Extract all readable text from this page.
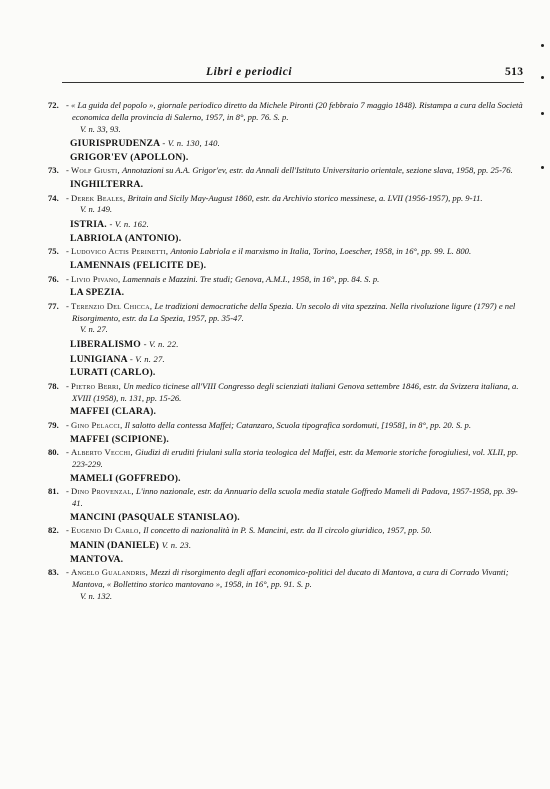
Libri e periodici	513
72. - « La guida del popolo », giornale periodico diretto da Michele Pironti (20 febbraio 7 maggio 1848). Ristampa a cura della Società economica della provincia di Salerno, 1957, in 8°, pp. 76. S. p.
V. n. 33, 93.
GIURISPRUDENZA - V. n. 130, 140.
GRIGOR'EV (APOLLON).
73. - Wolf Giusti, Annotazioni su A.A. Grigor'ev, estr. da Annali dell'Istituto Universitario orientale, sezione slava, 1958, pp. 25-76.
INGHILTERRA.
74. - Derek Beales, Britain and Sicily May-August 1860, estr. da Archivio storico messinese, a. LVII (1956-1957), pp. 9-11.
V. n. 149.
ISTRIA. - V. n. 162.
LABRIOLA (ANTONIO).
75. - Ludovico Actis Perinetti, Antonio Labriola e il marxismo in Italia, Torino, Loescher, 1958, in 16°, pp. 99. L. 800.
LAMENNAIS (FELICITE DE).
76. - Livio Pivano, Lamennais e Mazzini. Tre studi; Genova, A.M.I., 1958, in 16°, pp. 84. S. p.
LA SPEZIA.
77. - Terenzio Del Chicca, Le tradizioni democratiche della Spezia. Un secolo di vita spezzina. Nella rivoluzione ligure (1797) e nel Risorgimento, estr. da La Spezia, 1957, pp. 35-47.
V. n. 27.
LIBERALISMO - V. n. 22.
LUNIGIANA - V. n. 27.
LURATI (CARLO).
78. - Pietro Berri, Un medico ticinese all'VIII Congresso degli scienziati italiani Genova settembre 1846, estr. da Svizzera italiana, a. XVIII (1958), n. 131, pp. 15-26.
MAFFEI (CLARA).
79. - Gino Pelacci, Il salotto della contessa Maffei; Catanzaro, Scuola tipografica sordomuti, [1958], in 8°, pp. 20. S. p.
MAFFEI (SCIPIONE).
80. - Alberto Vecchi, Giudizi di eruditi friulani sulla storia teologica del Maffei, estr. da Memorie storiche forogiuliesi, vol. XLII, pp. 223-229.
MAMELI (GOFFREDO).
81. - Dino Provenzal, L'inno nazionale, estr. da Annuario della scuola media statale Goffredo Mameli di Padova, 1957-1958, pp. 39-41.
MANCINI (PASQUALE STANISLAO).
82. - Eugenio Di Carlo, Il concetto di nazionalità in P. S. Mancini, estr. da Il circolo giuridico, 1957, pp. 50.
MANIN (DANIELE) V. n. 23.
MANTOVA.
83. - Angelo Gualandris, Mezzi di risorgimento degli affari economico-politici del ducato di Mantova, a cura di Corrado Vivanti; Mantova, « Bollettino storico mantovano », 1958, in 16°, pp. 91. S. p.
V. n. 132.
